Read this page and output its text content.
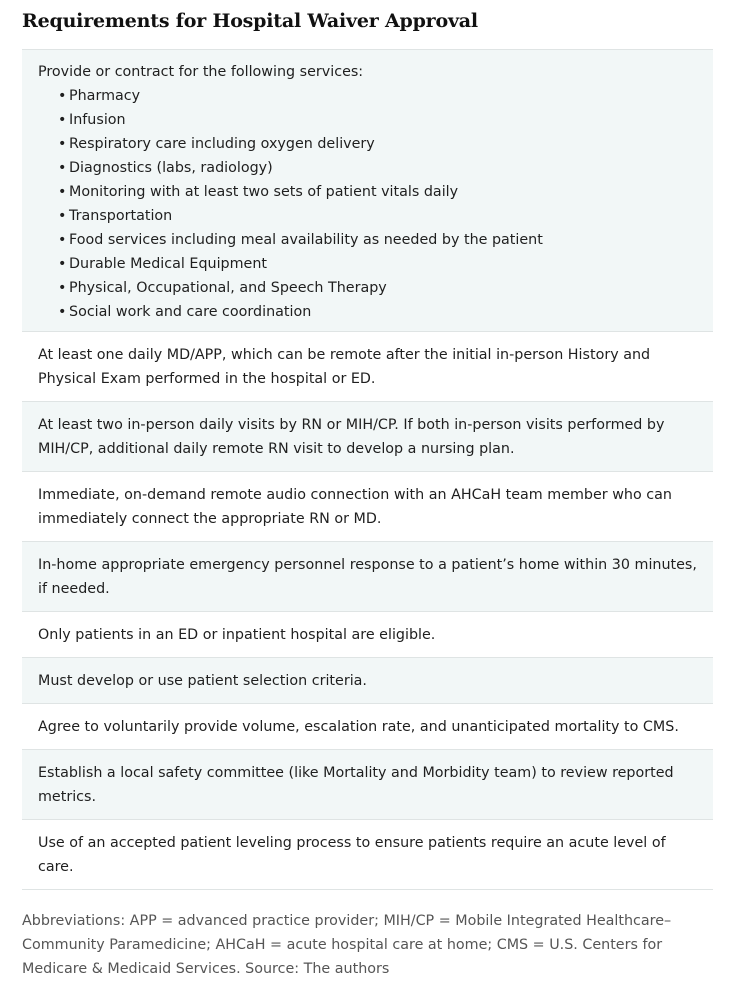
Requirements for Hospital Waiver Approval
Provide or contract for the following services:
• Pharmacy
• Infusion
• Respiratory care including oxygen delivery
• Diagnostics (labs, radiology)
• Monitoring with at least two sets of patient vitals daily
• Transportation
• Food services including meal availability as needed by the patient
• Durable Medical Equipment
• Physical, Occupational, and Speech Therapy
• Social work and care coordination
At least one daily MD/APP, which can be remote after the initial in-person History and Physical Exam performed in the hospital or ED.
At least two in-person daily visits by RN or MIH/CP. If both in-person visits performed by MIH/CP, additional daily remote RN visit to develop a nursing plan.
Immediate, on-demand remote audio connection with an AHCaH team member who can immediately connect the appropriate RN or MD.
In-home appropriate emergency personnel response to a patient’s home within 30 minutes, if needed.
Only patients in an ED or inpatient hospital are eligible.
Must develop or use patient selection criteria.
Agree to voluntarily provide volume, escalation rate, and unanticipated mortality to CMS.
Establish a local safety committee (like Mortality and Morbidity team) to review reported metrics.
Use of an accepted patient leveling process to ensure patients require an acute level of care.
Abbreviations: APP = advanced practice provider; MIH/CP = Mobile Integrated Healthcare–Community Paramedicine; AHCaH = acute hospital care at home; CMS = U.S. Centers for Medicare & Medicaid Services. Source: The authors
